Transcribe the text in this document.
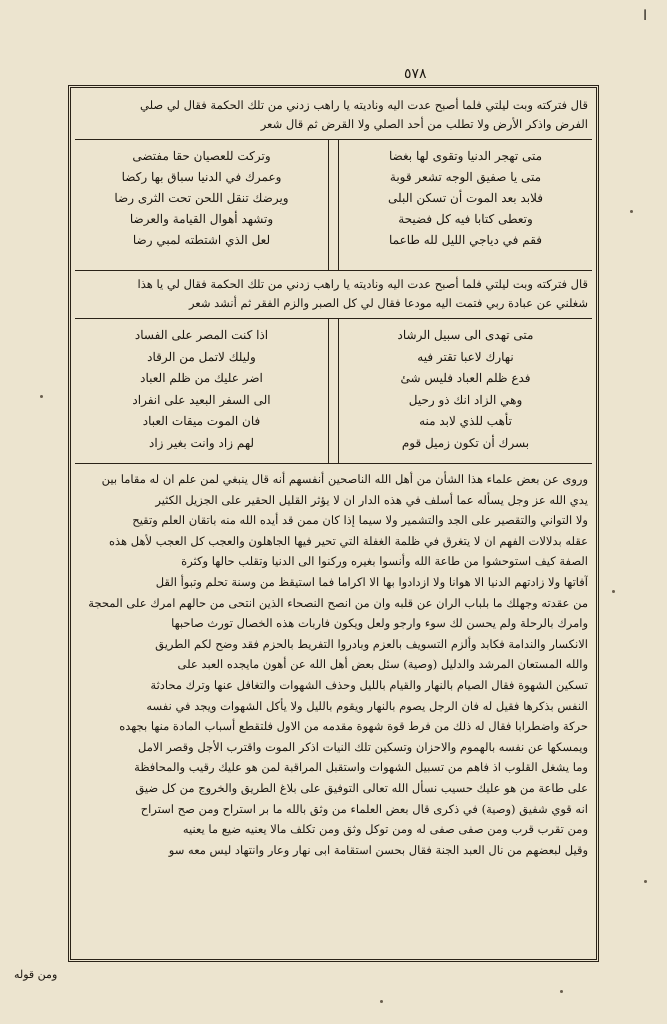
ا
٥٧٨
قال فتركته وبت ليلتي فلما أصبح عدت اليه وناديته يا راهب زدني من تلك الحكمة فقال لي صلي
الفرض واذكر الأرض ولا تطلب من أحد الصلي ولا القرض ثم قال شعر
متى تهجر الدنيا وتقوى لها بغضا
متى يا صفيق الوجه تشعر قوبة
فلابد بعد الموت أن تسكن البلى
وتعطى كتابا فيه كل فضيحة
فقم في دياجي الليل لله طاعما
وتركت للعصيان حقا مفتضى
وعمرك في الدنيا سباق بها ركضا
ويرضك تنقل اللحن تحت الثرى رضا
وتشهد أهوال القيامة والعرضا
لعل الذي اشتطته لمبي رضا
قال فتركته وبت ليلتي فلما أصبح عدت اليه وناديته يا راهب زدني من تلك الحكمة فقال لي يا هذا
شغلني عن عبادة ربي فتمت اليه مودعا فقال لي كل الصبر والزم الفقر ثم أنشد شعر
متى تهدى الى سبيل الرشاد
نهارك لاعبا تقتر فيه
فدع ظلم العباد فليس شئ
وهي الزاد انك ذو رحيل
تأهب للذي لابد منه
بسرك أن تكون زميل قوم
اذا كنت المصر على الفساد
وليلك لاتمل من الرقاد
اضر عليك من ظلم العباد
الى السفر البعيد على انفراد
فان الموت ميقات العباد
لهم زاد وانت بغير زاد
وروى عن بعض علماء هذا الشأن من أهل الله الناصحين أنفسهم أنه قال ينبغي لمن علم ان له مقاما بين
يدي الله عز وجل يسأله عما أسلف في هذه الدار ان لا يؤثر القليل الحقير على الجزيل الكثير
ولا التواني والتقصير على الجد والتشمير ولا سيما إذا كان ممن قد أيده الله منه باتقان العلم وتقيح
عقله بدلالات الفهم ان لا يتغرق في ظلمة الغفلة التي تحير فيها الجاهلون والعجب كل العجب لأهل هذه
الصفة كيف استوحشوا من طاعة الله وأنسوا بغيره وركنوا الى الدنيا وتقلب حالها وكثرة
آفاتها ولا زادتهم الدنيا الا هوانا ولا ازدادوا بها الا اكراما فما استيقظ من وسنة تحلم وتبوأ القل
من عقدته وجهلك ما بلباب الران عن قلبه وان من انصح النصحاء الذين انتحى من حالهم امرك على المحجة
وامرك بالرحلة ولم يحسن لك سوء وارجو ولعل ويكون فاربات هذه الخصال تورث صاحبها
الانكسار والندامة فكابد وألزم التسويف بالعزم وبادروا التفريط بالحزم فقد وضح لكم الطريق
والله المستعان المرشد والدليل (وصية) سئل بعض أهل الله عن أهون مايجده العبد على
تسكين الشهوة فقال الصيام بالنهار والقيام بالليل وحذف الشهوات والتغافل عنها وترك محادثة
النفس بذكرها فقيل له فان الرجل يصوم بالنهار ويقوم بالليل ولا يأكل الشهوات ويجد في نفسه
حركة واضطرابا فقال له ذلك من فرط قوة شهوة مقدمه من الاول فلتقطع أسباب المادة منها بجهده
ويمسكها عن نفسه بالهموم والاحزان وتسكين تلك النيات اذكر الموت واقترب الأجل وقصر الامل
وما يشغل القلوب اذ فاهم من تسبيل الشهوات واستقبل المراقبة لمن هو عليك رقيب والمحافظة
على طاعة من هو عليك حسيب نسأل الله تعالى التوفيق على بلاغ الطريق والخروج من كل ضيق
انه قوي شفيق (وصية) في ذكرى قال بعض العلماء من وثق بالله ما بر استراح ومن صح استراح
ومن تقرب قرب ومن صفى صفى له ومن توكل وثق ومن تكلف مالا يعنيه ضيع ما يعنيه
وقيل لبعضهم من نال العبد الجنة فقال بحسن استقامة ابى نهار وعار وانتهاد ليس معه سو
ومن قوله
